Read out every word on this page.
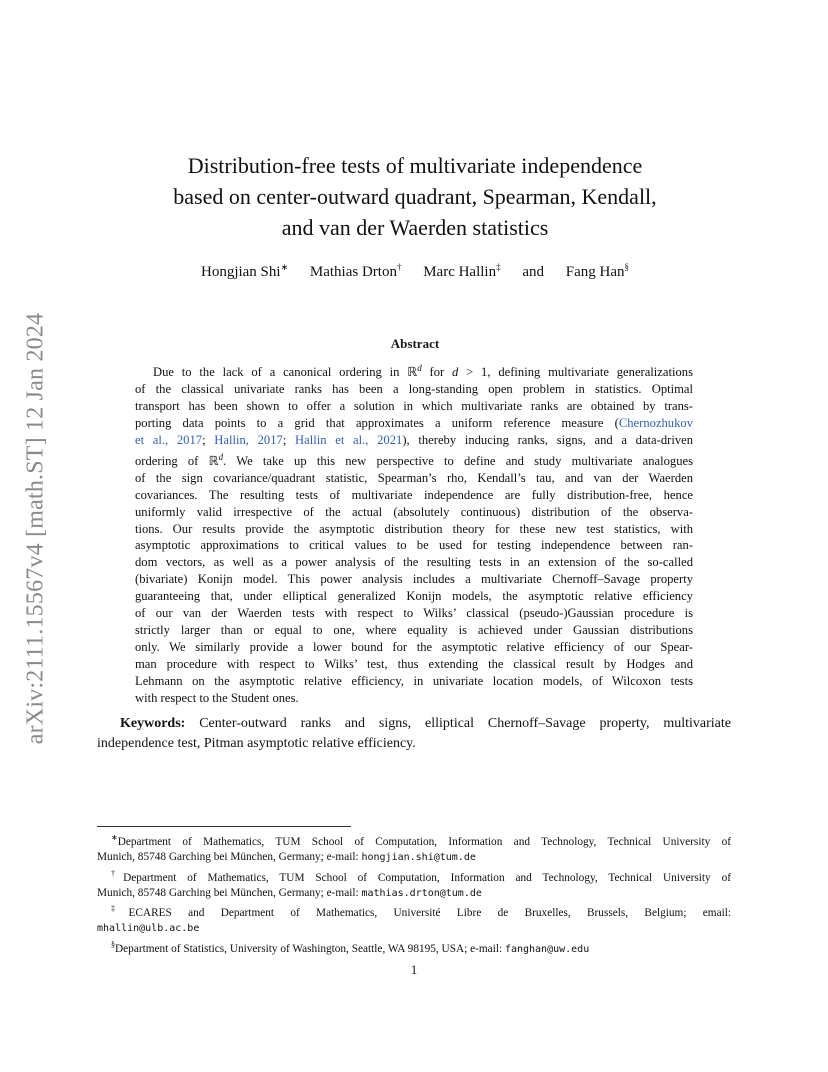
arXiv:2111.15567v4 [math.ST] 12 Jan 2024
Distribution-free tests of multivariate independence
based on center-outward quadrant, Spearman, Kendall,
and van der Waerden statistics
Hongjian Shi∗ Mathias Drton† Marc Hallin‡ and Fang Han§
Abstract
Due to the lack of a canonical ordering in ℝ$^d$ for d > 1, defining multivariate generalizations
of the classical univariate ranks has been a long-standing open problem in statistics. Optimal
transport has been shown to offer a solution in which multivariate ranks are obtained by trans-
porting data points to a grid that approximates a uniform reference measure (Chernozhukov
et al., 2017; Hallin, 2017; Hallin et al., 2021), thereby inducing ranks, signs, and a data-driven
ordering of ℝ$^d$. We take up this new perspective to define and study multivariate analogues
of the sign covariance/quadrant statistic, Spearman’s rho, Kendall’s tau, and van der Waerden
covariances. The resulting tests of multivariate independence are fully distribution-free, hence
uniformly valid irrespective of the actual (absolutely continuous) distribution of the observa-
tions. Our results provide the asymptotic distribution theory for these new test statistics, with
asymptotic approximations to critical values to be used for testing independence between ran-
dom vectors, as well as a power analysis of the resulting tests in an extension of the so-called
(bivariate) Konijn model. This power analysis includes a multivariate Chernoff–Savage property
guaranteeing that, under elliptical generalized Konijn models, the asymptotic relative efficiency
of our van der Waerden tests with respect to Wilks’ classical (pseudo-)Gaussian procedure is
strictly larger than or equal to one, where equality is achieved under Gaussian distributions
only. We similarly provide a lower bound for the asymptotic relative efficiency of our Spear-
man procedure with respect to Wilks’ test, thus extending the classical result by Hodges and
Lehmann on the asymptotic relative efficiency, in univariate location models, of Wilcoxon tests
with respect to the Student ones.
Keywords: Center-outward ranks and signs, elliptical Chernoff–Savage property, multivariate
independence test, Pitman asymptotic relative efficiency.
∗Department of Mathematics, TUM School of Computation, Information and Technology, Technical University of
Munich, 85748 Garching bei München, Germany; e-mail: hongjian.shi@tum.de
†Department of Mathematics, TUM School of Computation, Information and Technology, Technical University of
Munich, 85748 Garching bei München, Germany; e-mail: mathias.drton@tum.de
‡ECARES and Department of Mathematics, Université Libre de Bruxelles, Brussels, Belgium; email:
mhallin@ulb.ac.be
§Department of Statistics, University of Washington, Seattle, WA 98195, USA; e-mail: fanghan@uw.edu
1
